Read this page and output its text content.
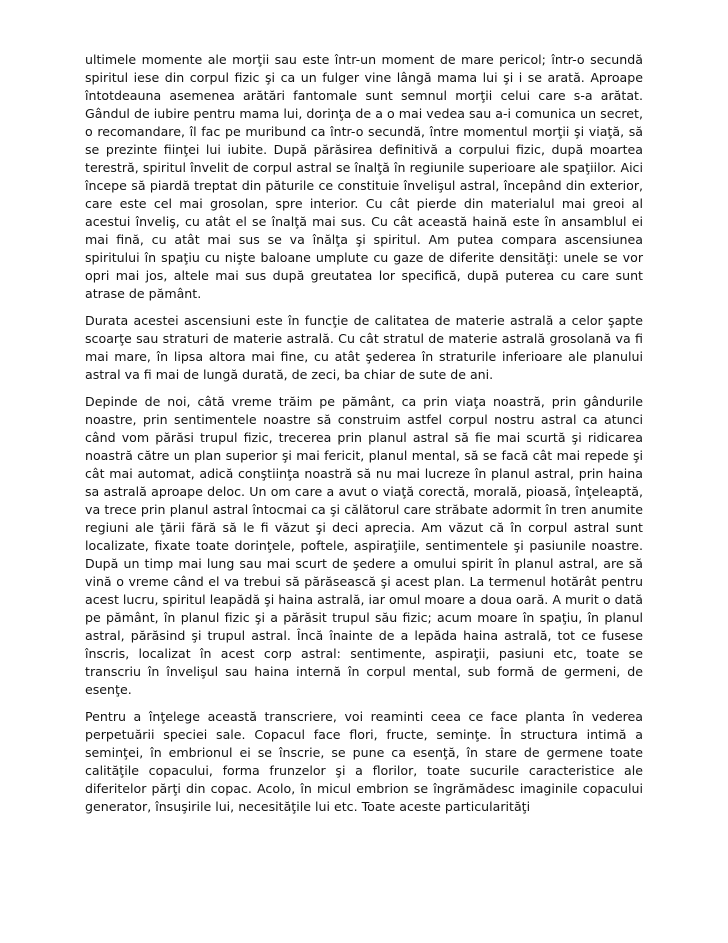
ultimele momente ale morţii sau este într-un moment de mare pericol; într-o secundă spiritul iese din corpul fizic şi ca un fulger vine lângă mama lui şi i se arată. Aproape întotdeauna asemenea arătări fantomale sunt semnul morţii celui care s-a arătat. Gândul de iubire pentru mama lui, dorinţa de a o mai vedea sau a-i comunica un secret, o recomandare, îl fac pe muribund ca într-o secundă, între momentul morţii şi viaţă, să se prezinte fiinţei lui iubite. După părăsirea definitivă a corpului fizic, după moartea terestră, spiritul învelit de corpul astral se înalţă în regiunile superioare ale spaţiilor. Aici începe să piardă treptat din păturile ce constituie învelişul astral, începând din exterior, care este cel mai grosolan, spre interior. Cu cât pierde din materialul mai greoi al acestui înveliş, cu atât el se înalţă mai sus. Cu cât această haină este în ansamblul ei mai fină, cu atât mai sus se va înălţa şi spiritul. Am putea compara ascensiunea spiritului în spaţiu cu nişte baloane umplute cu gaze de diferite densităţi: unele se vor opri mai jos, altele mai sus după greutatea lor specifică, după puterea cu care sunt atrase de pământ.

Durata acestei ascensiuni este în funcţie de calitatea de materie astrală a celor şapte scoarţe sau straturi de materie astrală. Cu cât stratul de materie astrală grosolană va fi mai mare, în lipsa altora mai fine, cu atât şederea în straturile inferioare ale planului astral va fi mai de lungă durată, de zeci, ba chiar de sute de ani.

Depinde de noi, câtă vreme trăim pe pământ, ca prin viaţa noastră, prin gândurile noastre, prin sentimentele noastre să construim astfel corpul nostru astral ca atunci când vom părăsi trupul fizic, trecerea prin planul astral să fie mai scurtă şi ridicarea noastră către un plan superior şi mai fericit, planul mental, să se facă cât mai repede şi cât mai automat, adică conştiinţa noastră să nu mai lucreze în planul astral, prin haina sa astrală aproape deloc. Un om care a avut o viaţă corectă, morală, pioasă, înţeleaptă, va trece prin planul astral întocmai ca şi călătorul care străbate adormit în tren anumite regiuni ale ţării fără să le fi văzut şi deci aprecia. Am văzut că în corpul astral sunt localizate, fixate toate dorinţele, poftele, aspiraţiile, sentimentele şi pasiunile noastre. După un timp mai lung sau mai scurt de şedere a omului spirit în planul astral, are să vină o vreme când el va trebui să părăsească şi acest plan. La termenul hotărât pentru acest lucru, spiritul leapădă şi haina astrală, iar omul moare a doua oară. A murit o dată pe pământ, în planul fizic şi a părăsit trupul său fizic; acum moare în spaţiu, în planul astral, părăsind şi trupul astral. Încă înainte de a lepăda haina astrală, tot ce fusese înscris, localizat în acest corp astral: sentimente, aspiraţii, pasiuni etc, toate se transcriu în învelişul sau haina internă în corpul mental, sub formă de germeni, de esenţe.

Pentru a înţelege această transcriere, voi reaminti ceea ce face planta în vederea perpetuării speciei sale. Copacul face flori, fructe, seminţe. În structura intimă a seminţei, în embrionul ei se înscrie, se pune ca esenţă, în stare de germene toate calităţile copacului, forma frunzelor şi a florilor, toate sucurile caracteristice ale diferitelor părţi din copac. Acolo, în micul embrion se îngrămădesc imaginile copacului generator, însuşirile lui, necesităţile lui etc. Toate aceste particularităţi
